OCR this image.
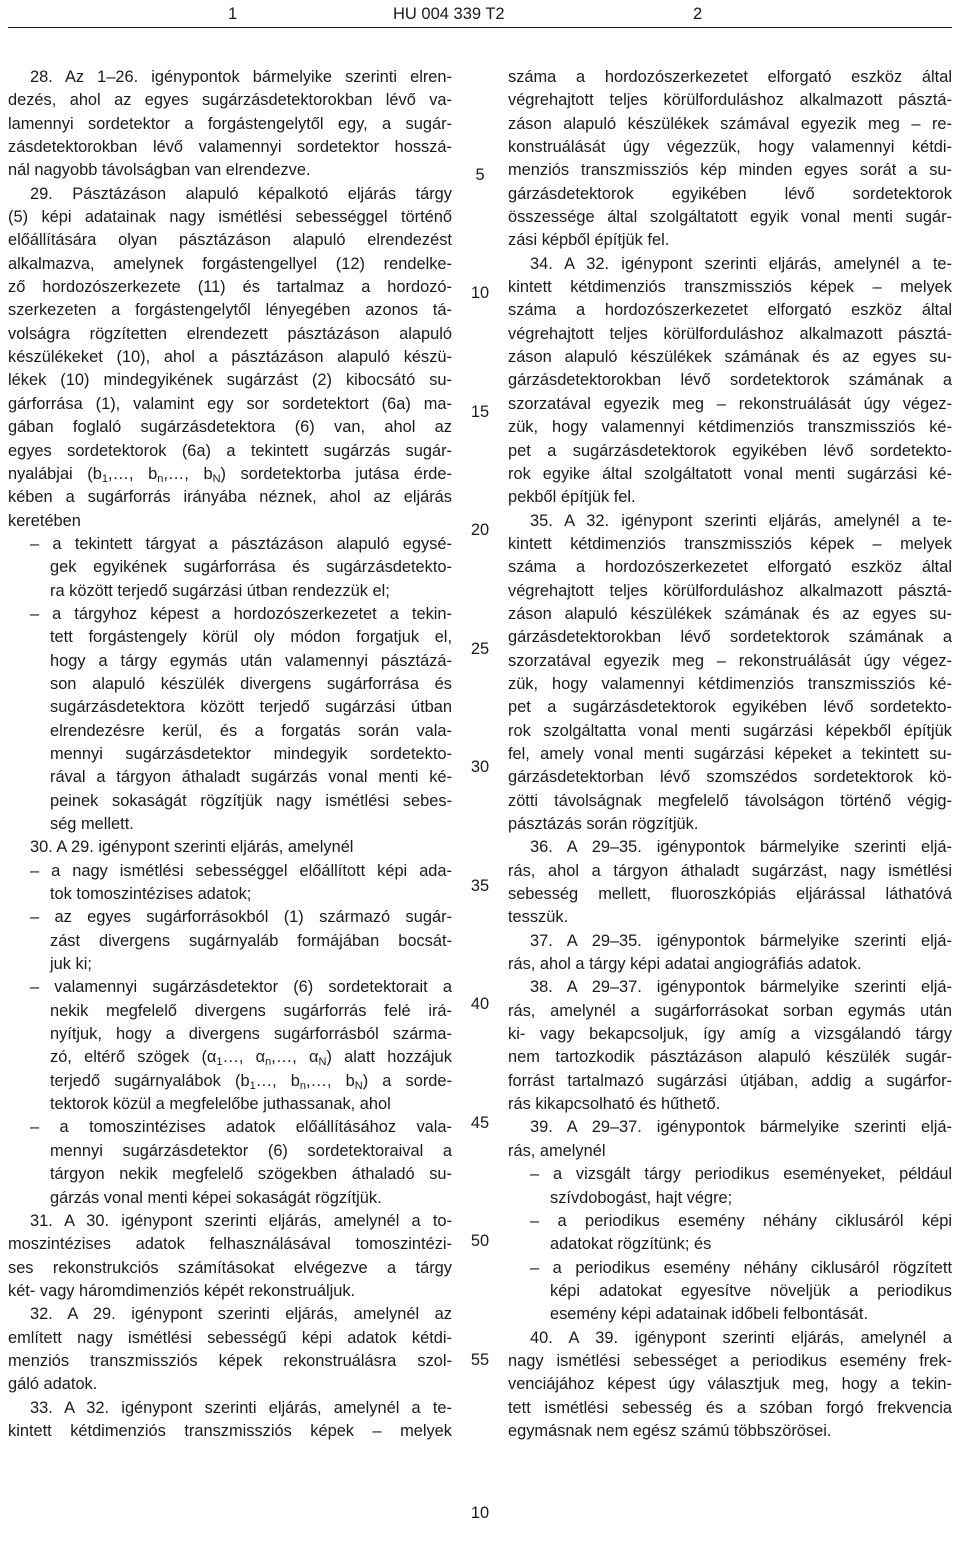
1	HU 004 339 T2	2
28. Az 1–26. igénypontok bármelyike szerinti elren-
dezés, ahol az egyes sugárzásdetektorokban lévő va-
lamennyi sordetektor a forgástengelytől egy, a sugár-
zásdetektorokban lévő valamennyi sordetektor hosszá-
nál nagyobb távolságban van elrendezve.
29. Pásztázáson alapuló képalkotó eljárás tárgy
(5) képi adatainak nagy ismétlési sebességgel történő
előállítására olyan pásztázáson alapuló elrendezést
alkalmazva, amelynek forgástengellyel (12) rendelke-
ző hordozószerkezete (11) és tartalmaz a hordozó-
szerkezeten a forgástengelytől lényegében azonos tá-
volságra rögzítetten elrendezett pásztázáson alapuló
készülékeket (10), ahol a pásztázáson alapuló készü-
lékek (10) mindegyikének sugárzást (2) kibocsátó su-
gárforrása (1), valamint egy sor sordetektort (6a) ma-
gában foglaló sugárzásdetektora (6) van, ahol az
egyes sordetektorok (6a) a tekintett sugárzás sugár-
nyalábjai ($b_1,\dots$, $b_n,\dots$, $b_N$) sordetektorba jutása érde-
kében a sugárforrás irányába néznek, ahol az eljárás
keretében
– a tekintett tárgyat a pásztázáson alapuló egysé-
gek egyikének sugárforrása és sugárzásdetekto-
ra között terjedő sugárzási útban rendezzük el;
– a tárgyhoz képest a hordozószerkezetet a tekin-
tett forgástengely körül oly módon forgatjuk el,
hogy a tárgy egymás után valamennyi pásztázá-
son alapuló készülék divergens sugárforrása és
sugárzásdetektora között terjedő sugárzási útban
elrendezésre kerül, és a forgatás során vala-
mennyi sugárzásdetektor mindegyik sordetekto-
rával a tárgyon áthaladt sugárzás vonal menti ké-
peinek sokaságát rögzítjük nagy ismétlési sebes-
ség mellett.
30. A 29. igénypont szerinti eljárás, amelynél
– a nagy ismétlési sebességgel előállított képi ada-
tok tomoszintézises adatok;
– az egyes sugárforrásokból (1) származó sugár-
zást divergens sugárnyaláb formájában bocsát-
juk ki;
– valamennyi sugárzásdetektor (6) sordetektorait a
nekik megfelelő divergens sugárforrás felé irá-
nyítjuk, hogy a divergens sugárforrásból szárma-
zó, eltérő szögek ($\alpha_1\dots$, $\alpha_n,\dots$, $\alpha_N$) alatt hozzájuk
terjedő sugárnyalábok ($b_1\dots$, $b_n,\dots$, $b_N$) a sorde-
tektorok közül a megfelelőbe juthassanak, ahol
– a tomoszintézises adatok előállításához vala-
mennyi sugárzásdetektor (6) sordetektoraival a
tárgyon nekik megfelelő szögekben áthaladó su-
gárzás vonal menti képei sokaságát rögzítjük.
31. A 30. igénypont szerinti eljárás, amelynél a to-
moszintézises adatok felhasználásával tomoszintézi-
ses rekonstrukciós számításokat elvégezve a tárgy
két- vagy háromdimenziós képét rekonstruáljuk.
32. A 29. igénypont szerinti eljárás, amelynél az
említett nagy ismétlési sebességű képi adatok kétdi-
menziós transzmissziós képek rekonstruálásra szol-
gáló adatok.
33. A 32. igénypont szerinti eljárás, amelynél a te-
kintett kétdimenziós transzmissziós képek – melyek
5
10
15
20
25
30
35
40
45
50
55
száma a hordozószerkezetet elforgató eszköz által
végrehajtott teljes körülforduláshoz alkalmazott pásztá-
záson alapuló készülékek számával egyezik meg – re-
konstruálását úgy végezzük, hogy valamennyi kétdi-
menziós transzmissziós kép minden egyes sorát a su-
gárzásdetektorok egyikében lévő sordetektorok
összessége által szolgáltatott egyik vonal menti sugár-
zási képből építjük fel.
34. A 32. igénypont szerinti eljárás, amelynél a te-
kintett kétdimenziós transzmissziós képek – melyek
száma a hordozószerkezetet elforgató eszköz által
végrehajtott teljes körülforduláshoz alkalmazott pásztá-
záson alapuló készülékek számának és az egyes su-
gárzásdetektorokban lévő sordetektorok számának a
szorzatával egyezik meg – rekonstruálását úgy végez-
zük, hogy valamennyi kétdimenziós transzmissziós ké-
pet a sugárzásdetektorok egyikében lévő sordetekto-
rok egyike által szolgáltatott vonal menti sugárzási ké-
pekből építjük fel.
35. A 32. igénypont szerinti eljárás, amelynél a te-
kintett kétdimenziós transzmissziós képek – melyek
száma a hordozószerkezetet elforgató eszköz által
végrehajtott teljes körülforduláshoz alkalmazott pásztá-
záson alapuló készülékek számának és az egyes su-
gárzásdetektorokban lévő sordetektorok számának a
szorzatával egyezik meg – rekonstruálását úgy végez-
zük, hogy valamennyi kétdimenziós transzmissziós ké-
pet a sugárzásdetektorok egyikében lévő sordetekto-
rok szolgáltatta vonal menti sugárzási képekből építjük
fel, amely vonal menti sugárzási képeket a tekintett su-
gárzásdetektorban lévő szomszédos sordetektorok kö-
zötti távolságnak megfelelő távolságon történő végig-
pásztázás során rögzítjük.
36. A 29–35. igénypontok bármelyike szerinti eljá-
rás, ahol a tárgyon áthaladt sugárzást, nagy ismétlési
sebesség mellett, fluoroszkópiás eljárással láthatóvá
tesszük.
37. A 29–35. igénypontok bármelyike szerinti eljá-
rás, ahol a tárgy képi adatai angiográfiás adatok.
38. A 29–37. igénypontok bármelyike szerinti eljá-
rás, amelynél a sugárforrásokat sorban egymás után
ki- vagy bekapcsoljuk, így amíg a vizsgálandó tárgy
nem tartozkodik pásztázáson alapuló készülék sugár-
forrást tartalmazó sugárzási útjában, addig a sugárfor-
rás kikapcsolható és hűthető.
39. A 29–37. igénypontok bármelyike szerinti eljá-
rás, amelynél
– a vizsgált tárgy periodikus eseményeket, például
szívdobogást, hajt végre;
– a periodikus esemény néhány ciklusáról képi
adatokat rögzítünk; és
– a periodikus esemény néhány ciklusáról rögzített
képi adatokat egyesítve növeljük a periodikus
esemény képi adatainak időbeli felbontását.
40. A 39. igénypont szerinti eljárás, amelynél a
nagy ismétlési sebességet a periodikus esemény frek-
venciájához képest úgy választjuk meg, hogy a tekin-
tett ismétlési sebesség és a szóban forgó frekvencia
egymásnak nem egész számú többszörösei.
10
